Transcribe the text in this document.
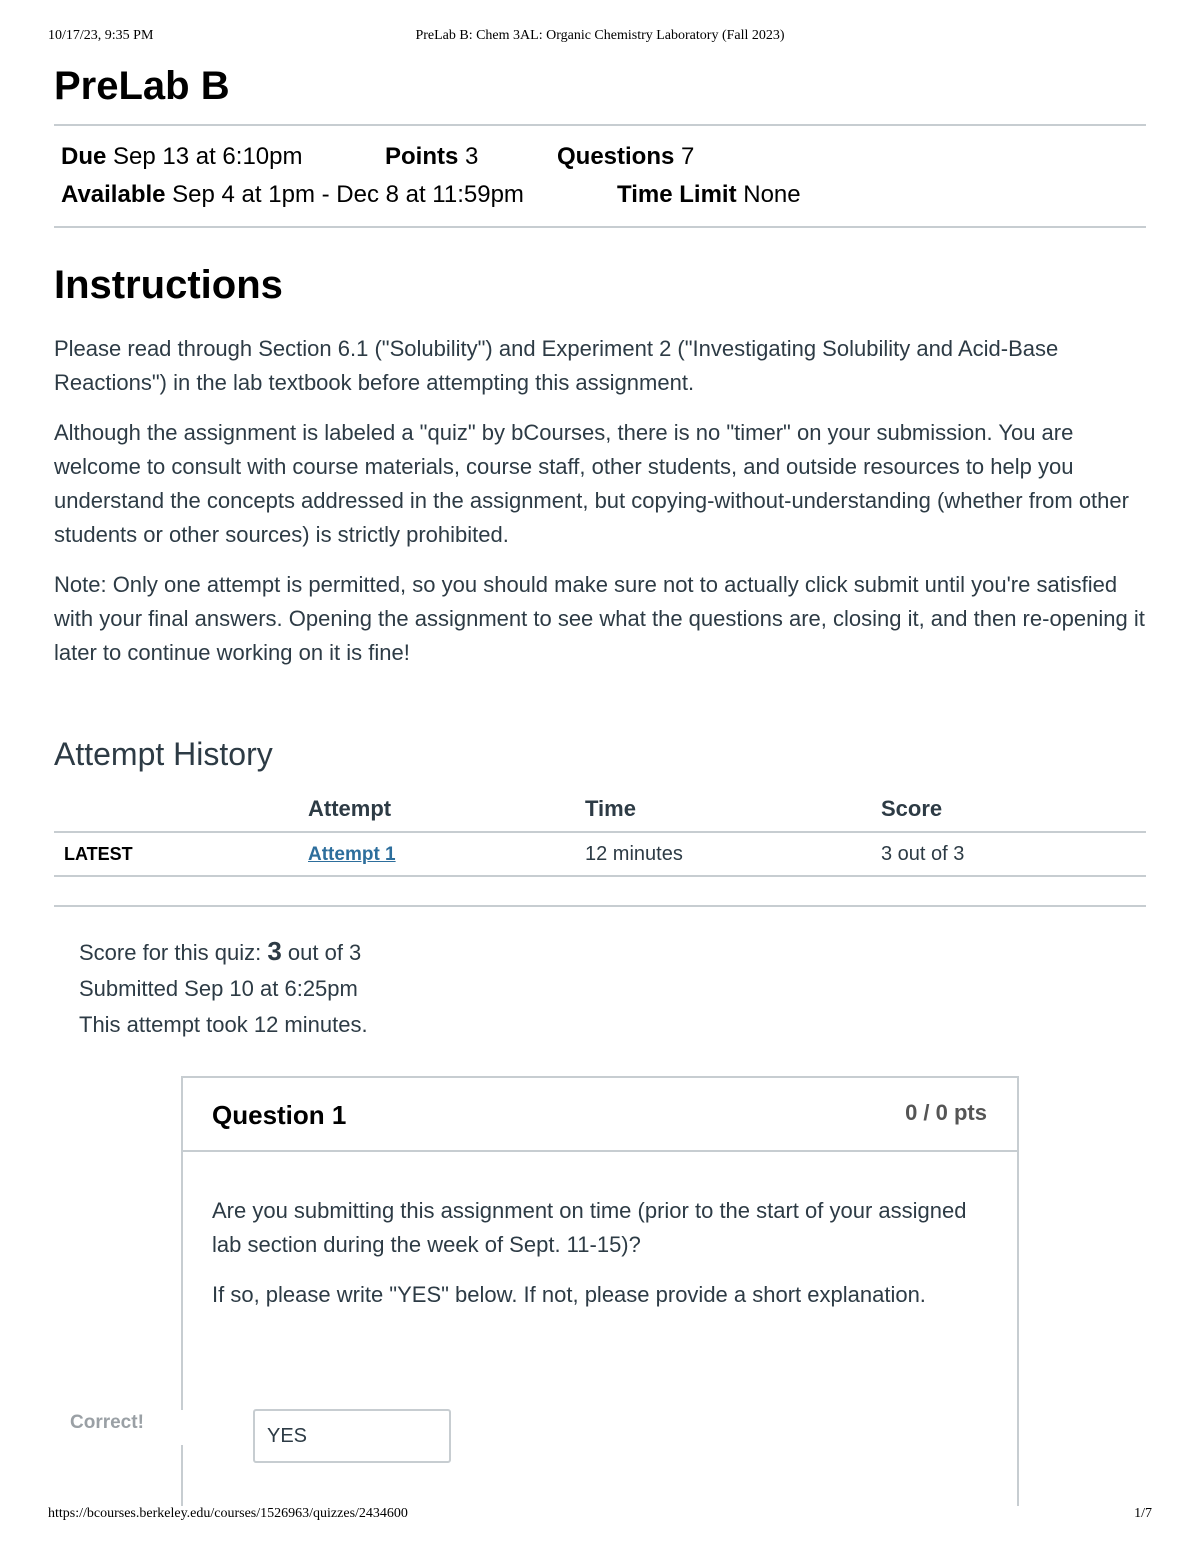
10/17/23, 9:35 PM	PreLab B: Chem 3AL: Organic Chemistry Laboratory (Fall 2023)
PreLab B
Due Sep 13 at 6:10pm	Points 3	Questions 7
Available Sep 4 at 1pm - Dec 8 at 11:59pm	Time Limit None
Instructions

Please read through Section 6.1 ("Solubility") and Experiment 2 ("Investigating Solubility and Acid-Base Reactions") in the lab textbook before attempting this assignment.

Although the assignment is labeled a "quiz" by bCourses, there is no "timer" on your submission. You are welcome to consult with course materials, course staff, other students, and outside resources to help you understand the concepts addressed in the assignment, but copying-without-understanding (whether from other students or other sources) is strictly prohibited.

Note: Only one attempt is permitted, so you should make sure not to actually click submit until you're satisfied with your final answers. Opening the assignment to see what the questions are, closing it, and then re-opening it later to continue working on it is fine!

Attempt History
	Attempt	Time	Score
LATEST	Attempt 1	12 minutes	3 out of 3
Score for this quiz: 3 out of 3
Submitted Sep 10 at 6:25pm
This attempt took 12 minutes.
Question 1	0 / 0 pts

Are you submitting this assignment on time (prior to the start of your assigned lab section during the week of Sept. 11-15)?

If so, please write "YES" below. If not, please provide a short explanation.

Correct!
YES
https://bcourses.berkeley.edu/courses/1526963/quizzes/2434600	1/7
